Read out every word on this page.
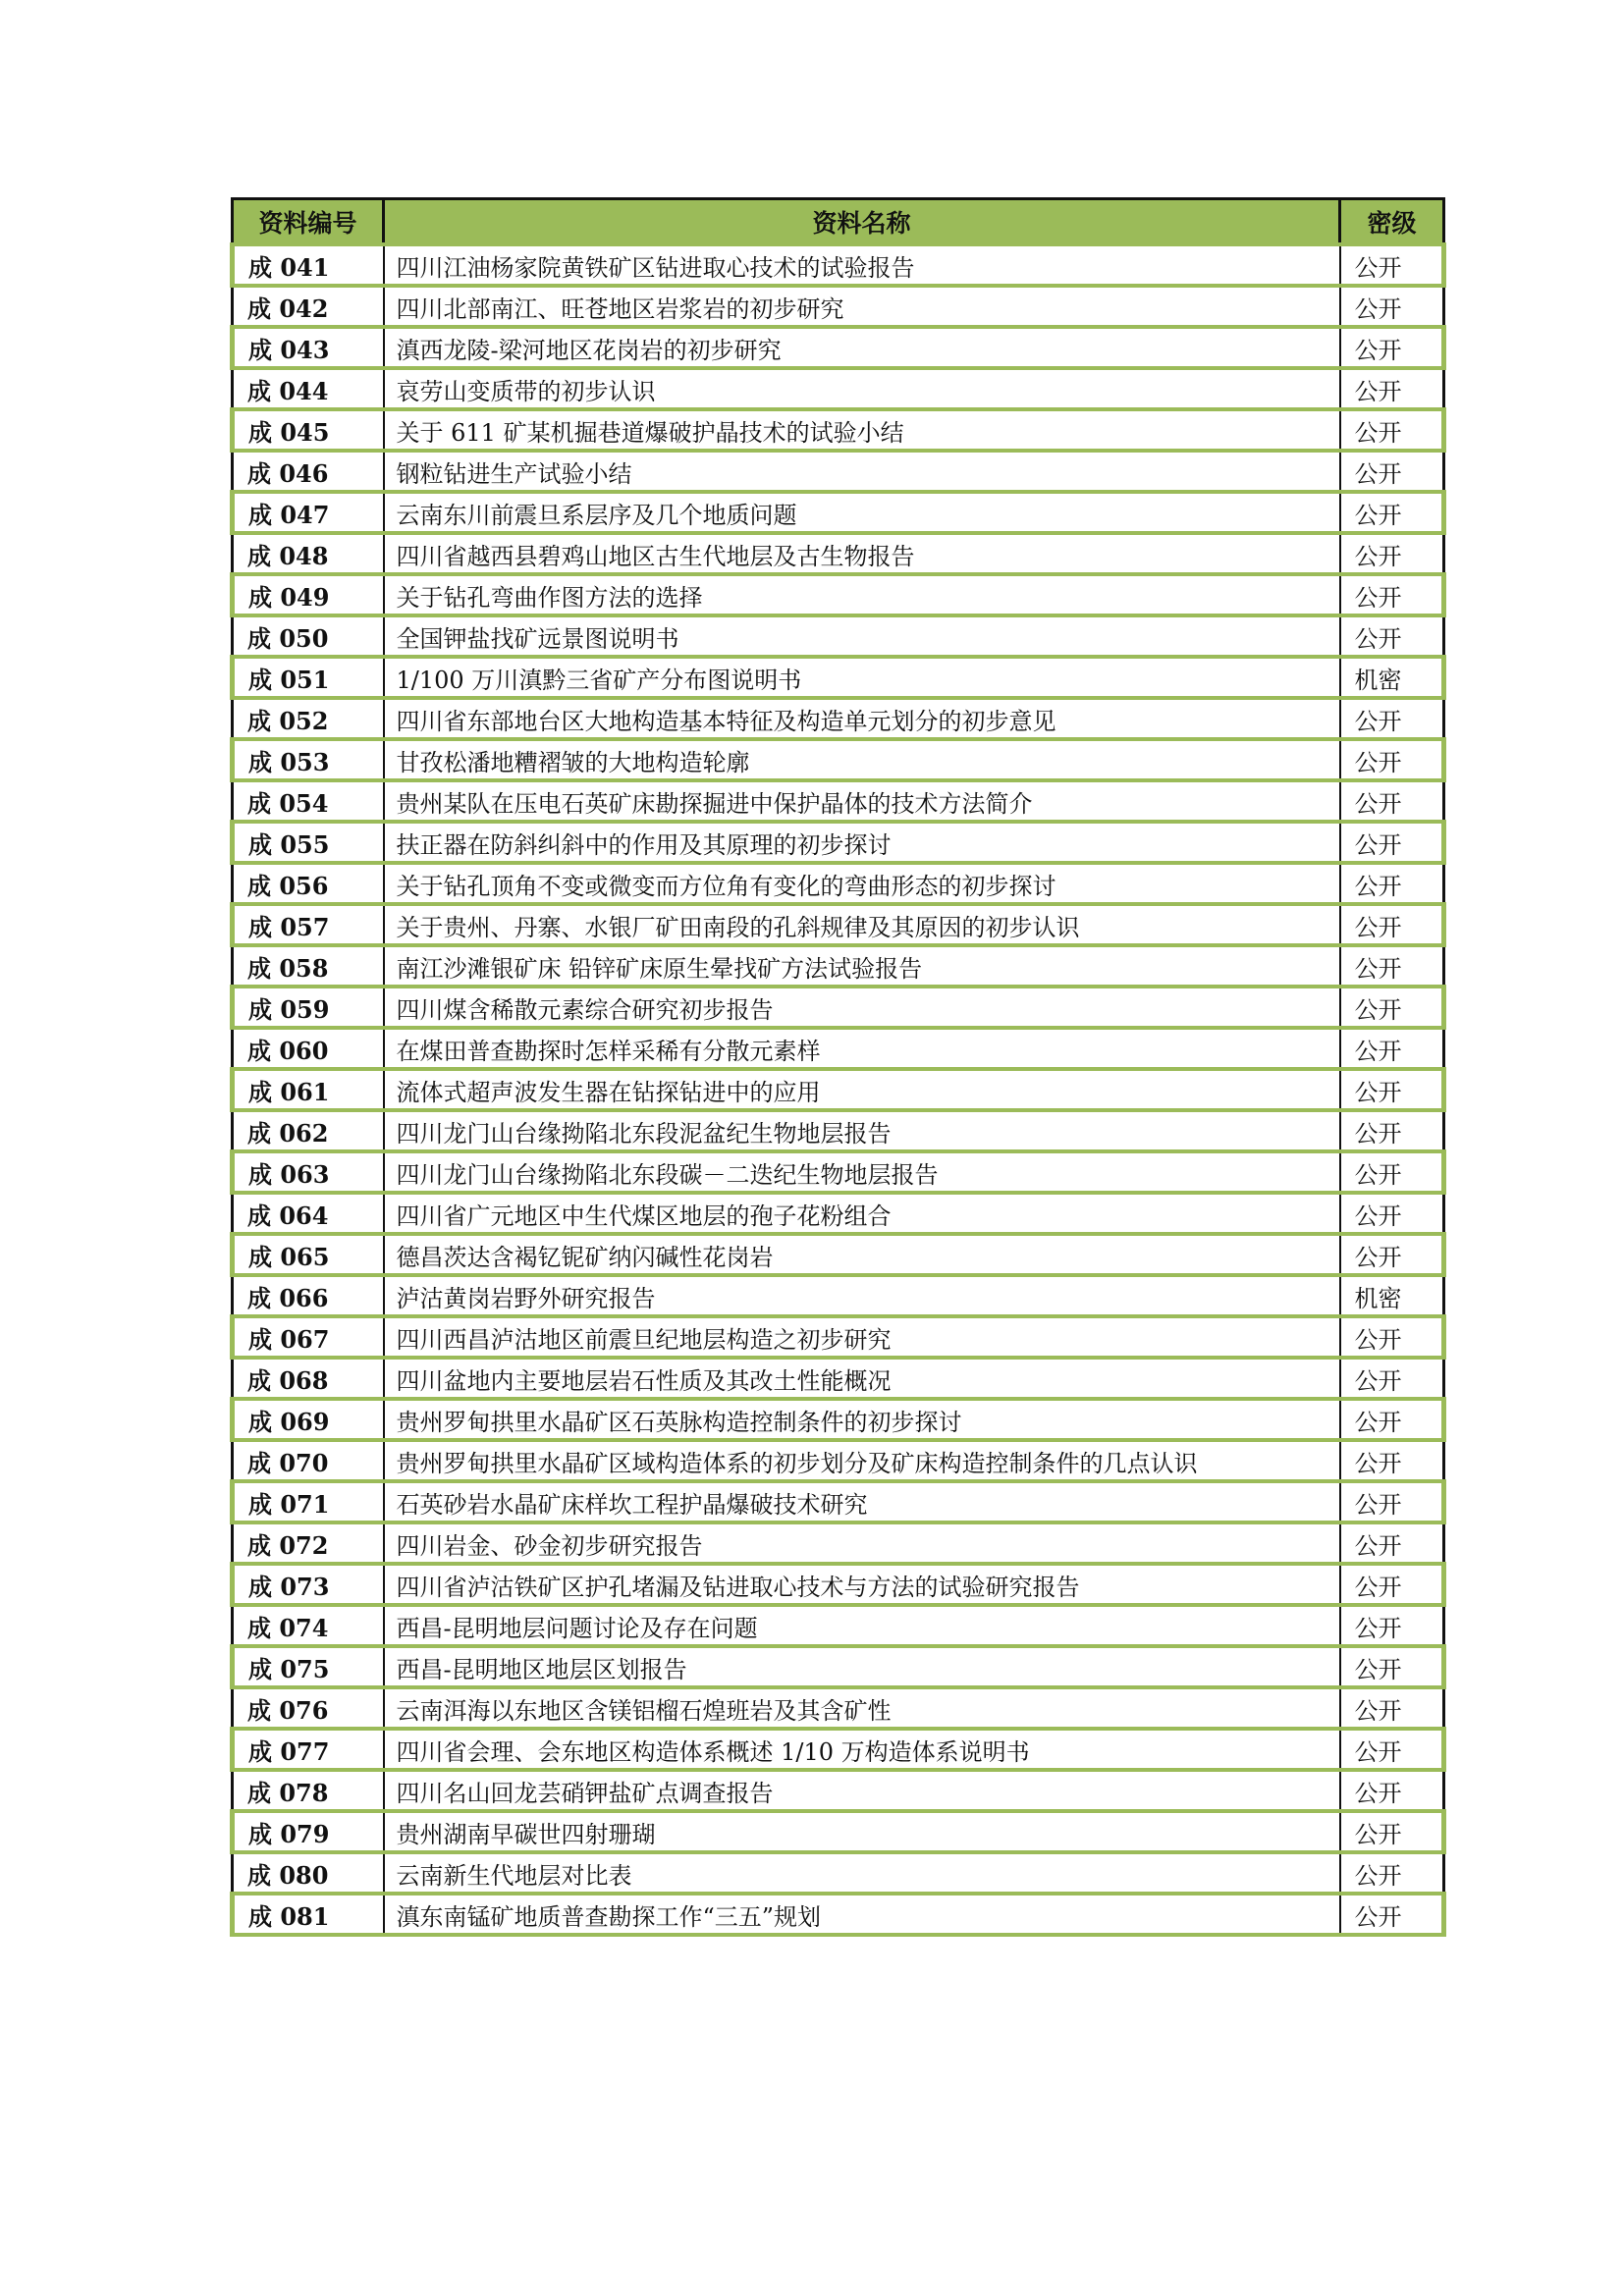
资料编号	资料名称	密级
成 041	四川江油杨家院黄铁矿区钻进取心技术的试验报告	公开
成 042	四川北部南江、旺苍地区岩浆岩的初步研究	公开
成 043	滇西龙陵-梁河地区花岗岩的初步研究	公开
成 044	哀劳山变质带的初步认识	公开
成 045	关于 611 矿某机掘巷道爆破护晶技术的试验小结	公开
成 046	钢粒钻进生产试验小结	公开
成 047	云南东川前震旦系层序及几个地质问题	公开
成 048	四川省越西县碧鸡山地区古生代地层及古生物报告	公开
成 049	关于钻孔弯曲作图方法的选择	公开
成 050	全国钾盐找矿远景图说明书	公开
成 051	1/100 万川滇黔三省矿产分布图说明书	机密
成 052	四川省东部地台区大地构造基本特征及构造单元划分的初步意见	公开
成 053	甘孜松潘地糟褶皱的大地构造轮廓	公开
成 054	贵州某队在压电石英矿床勘探掘进中保护晶体的技术方法简介	公开
成 055	扶正器在防斜纠斜中的作用及其原理的初步探讨	公开
成 056	关于钻孔顶角不变或微变而方位角有变化的弯曲形态的初步探讨	公开
成 057	关于贵州、丹寨、水银厂矿田南段的孔斜规律及其原因的初步认识	公开
成 058	南江沙滩银矿床 铅锌矿床原生晕找矿方法试验报告	公开
成 059	四川煤含稀散元素综合研究初步报告	公开
成 060	在煤田普查勘探时怎样采稀有分散元素样	公开
成 061	流体式超声波发生器在钻探钻进中的应用	公开
成 062	四川龙门山台缘拗陷北东段泥盆纪生物地层报告	公开
成 063	四川龙门山台缘拗陷北东段碳－二迭纪生物地层报告	公开
成 064	四川省广元地区中生代煤区地层的孢子花粉组合	公开
成 065	德昌茨达含褐钇铌矿纳闪碱性花岗岩	公开
成 066	泸沽黄岗岩野外研究报告	机密
成 067	四川西昌泸沽地区前震旦纪地层构造之初步研究	公开
成 068	四川盆地内主要地层岩石性质及其改土性能概况	公开
成 069	贵州罗甸拱里水晶矿区石英脉构造控制条件的初步探讨	公开
成 070	贵州罗甸拱里水晶矿区域构造体系的初步划分及矿床构造控制条件的几点认识	公开
成 071	石英砂岩水晶矿床样坎工程护晶爆破技术研究	公开
成 072	四川岩金、砂金初步研究报告	公开
成 073	四川省泸沽铁矿区护孔堵漏及钻进取心技术与方法的试验研究报告	公开
成 074	西昌-昆明地层问题讨论及存在问题	公开
成 075	西昌-昆明地区地层区划报告	公开
成 076	云南洱海以东地区含镁铝榴石煌班岩及其含矿性	公开
成 077	四川省会理、会东地区构造体系概述 1/10 万构造体系说明书	公开
成 078	四川名山回龙芸硝钾盐矿点调查报告	公开
成 079	贵州湖南早碳世四射珊瑚	公开
成 080	云南新生代地层对比表	公开
成 081	滇东南锰矿地质普查勘探工作“三五”规划	公开
